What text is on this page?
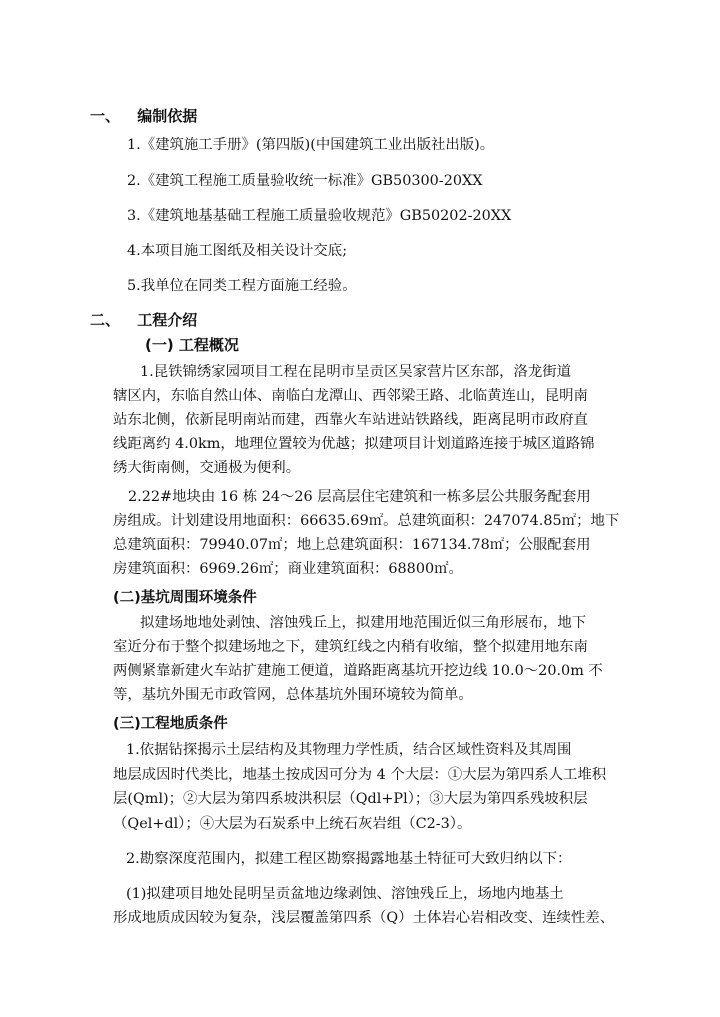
一、 编制依据
1.《建筑施工手册》(第四版)(中国建筑工业出版社出版)。
2.《建筑工程施工质量验收统一标准》GB50300-20XX
3.《建筑地基基础工程施工质量验收规范》GB50202-20XX
4.本项目施工图纸及相关设计交底;
5.我单位在同类工程方面施工经验。
二、 工程介绍
(一) 工程概况
1.昆铁锦绣家园项目工程在昆明市呈贡区吴家营片区东部，洛龙街道
辖区内，东临自然山体、南临白龙潭山、西邻梁王路、北临黄连山，昆明南
站东北侧，依新昆明南站而建，西靠火车站进站铁路线，距离昆明市政府直
线距离约 4.0km，地理位置较为优越；拟建项目计划道路连接于城区道路锦
绣大街南侧，交通极为便利。
2.22#地块由 16 栋 24～26 层高层住宅建筑和一栋多层公共服务配套用
房组成。计划建设用地面积：66635.69㎡。总建筑面积：247074.85㎡；地下
总建筑面积：79940.07㎡；地上总建筑面积：167134.78㎡；公服配套用
房建筑面积：6969.26㎡；商业建筑面积：68800㎡。
(二)基坑周围环境条件
拟建场地地处剥蚀、溶蚀残丘上，拟建用地范围近似三角形展布，地下
室近分布于整个拟建场地之下，建筑红线之内稍有收缩，整个拟建用地东南
两侧紧靠新建火车站扩建施工便道，道路距离基坑开挖边线 10.0～20.0m 不
等，基坑外围无市政管网，总体基坑外围环境较为简单。
(三)工程地质条件
1.依据钻探揭示土层结构及其物理力学性质，结合区域性资料及其周围
地层成因时代类比，地基土按成因可分为 4 个大层：①大层为第四系人工堆积
层(Qml)；②大层为第四系坡洪积层（Qdl+Pl）；③大层为第四系残坡积层
（Qel+dl）；④大层为石炭系中上统石灰岩组（C2-3）。
2.勘察深度范围内，拟建工程区勘察揭露地基土特征可大致归纳以下：
(1)拟建项目地处昆明呈贡盆地边缘剥蚀、溶蚀残丘上，场地内地基土
形成地质成因较为复杂，浅层覆盖第四系（Q）土体岩心岩相改变、连续性差、
